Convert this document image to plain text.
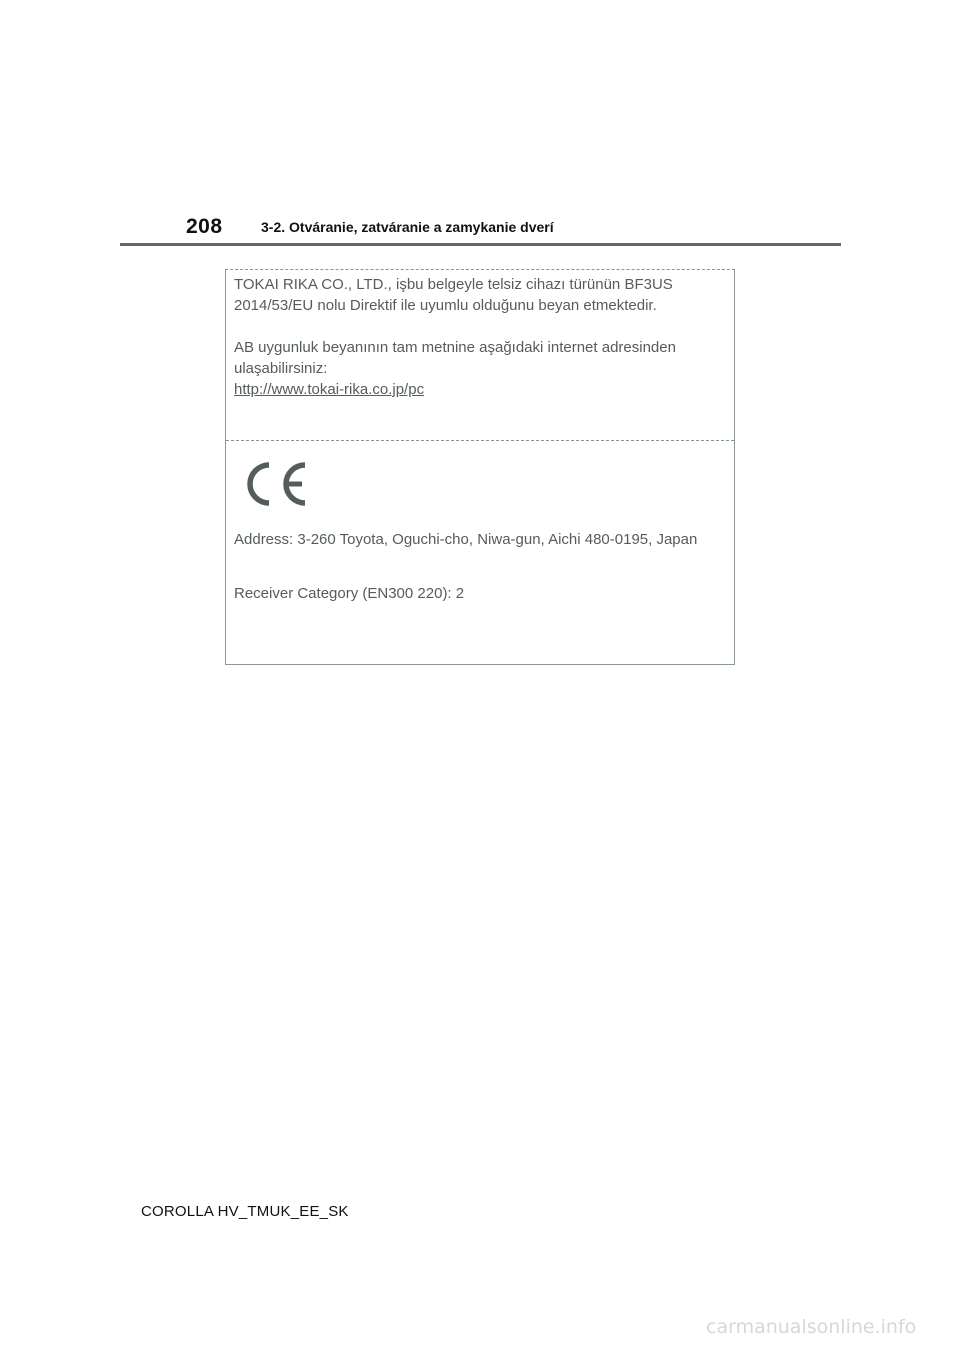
208	3-2. Otváranie, zatváranie a zamykanie dverí
TOKAI RIKA CO., LTD., işbu belgeyle telsiz cihazı türünün BF3US
2014/53/EU nolu Direktif ile uyumlu olduğunu beyan etmektedir.
AB uygunluk beyanının tam metnine aşağıdaki internet adresinden
ulaşabilirsiniz:
http://www.tokai-rika.co.jp/pc
Address: 3-260 Toyota, Oguchi-cho, Niwa-gun, Aichi 480-0195, Japan
Receiver Category (EN300 220): 2
COROLLA HV_TMUK_EE_SK
carmanualsonline.info
